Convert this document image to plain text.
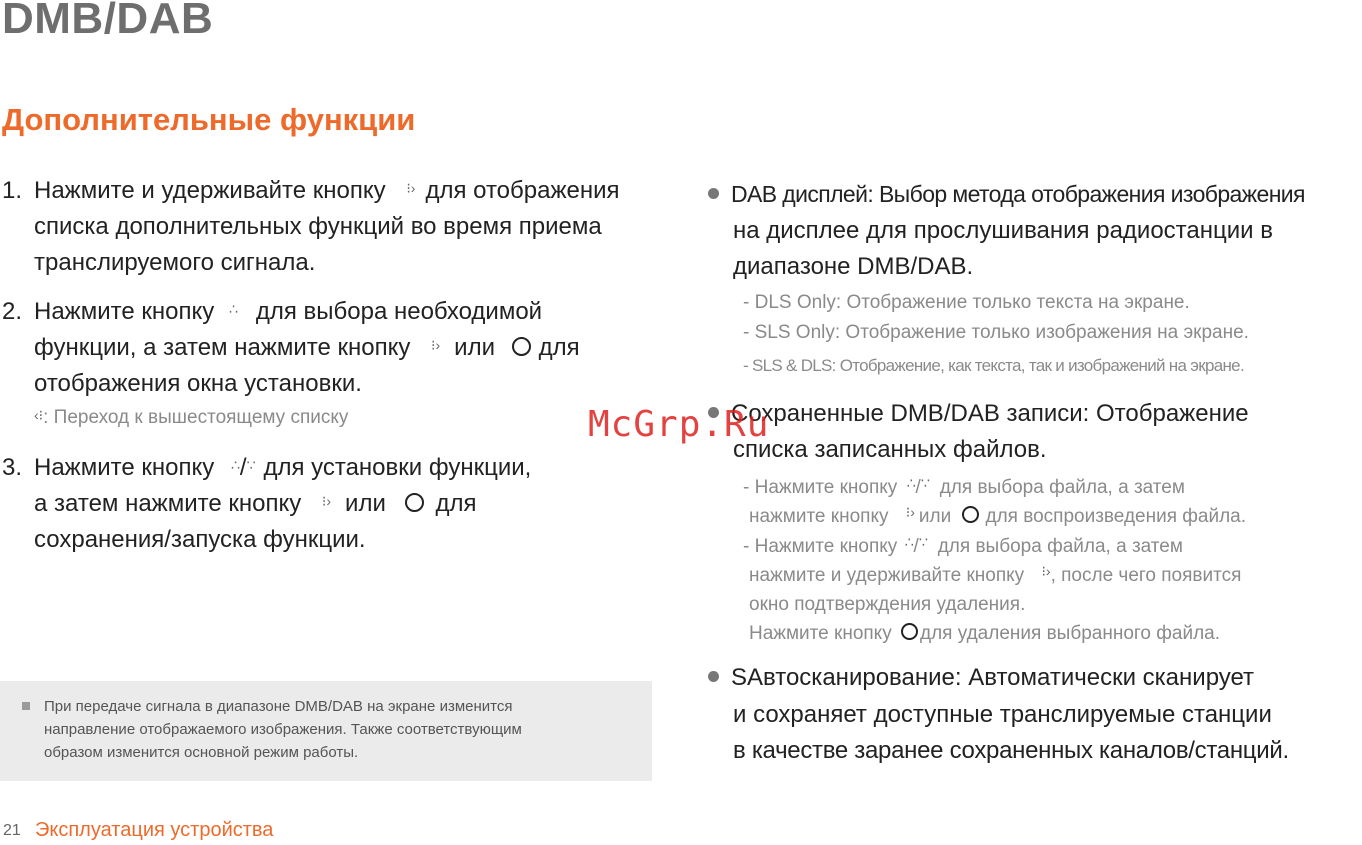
DMB/DAB
Дополнительные функции
1. Нажмите и удерживайте кнопку ⁝› для отображения
списка дополнительных функций во время приема
транслируемого сигнала.
2. Нажмите кнопку ∴ для выбора необходимой
функции, а затем нажмите кнопку ⁝› или для
отображения окна установки.
‹⁝: Переход к вышестоящему списку
3. Нажмите кнопку ∴/∵ для установки функции,
а затем нажмите кнопку ⁝› или для
сохранения/запуска функции.
При передаче сигнала в диапазоне DMB/DAB на экране изменится
направление отображаемого изображения. Также соответствующим
образом изменится основной режим работы.
DAB дисплей: Выбор метода отображения изображения
на дисплее для прослушивания радиостанции в
диапазоне DMB/DAB.
- DLS Only: Отображение только текста на экране.
- SLS Only: Отображение только изображения на экране.
- SLS & DLS: Отображение, как текста, так и изображений на экране.
Сохраненные DMB/DAB записи: Отображение
списка записанных файлов.
- Нажмите кнопку ∴/∵ для выбора файла, а затем
нажмите кнопку ⁝› или для воспроизведения файла.
- Нажмите кнопку ∴/∵ для выбора файла, а затем
нажмите и удерживайте кнопку ⁝›, после чего появится
окно подтверждения удаления.
Нажмите кнопку для удаления выбранного файла.
SАвтосканирование: Автоматически сканирует
и сохраняет доступные транслируемые станции
в качестве заранее сохраненных каналов/станций.
21 Эксплуатация устройства
McGrp.Ru
